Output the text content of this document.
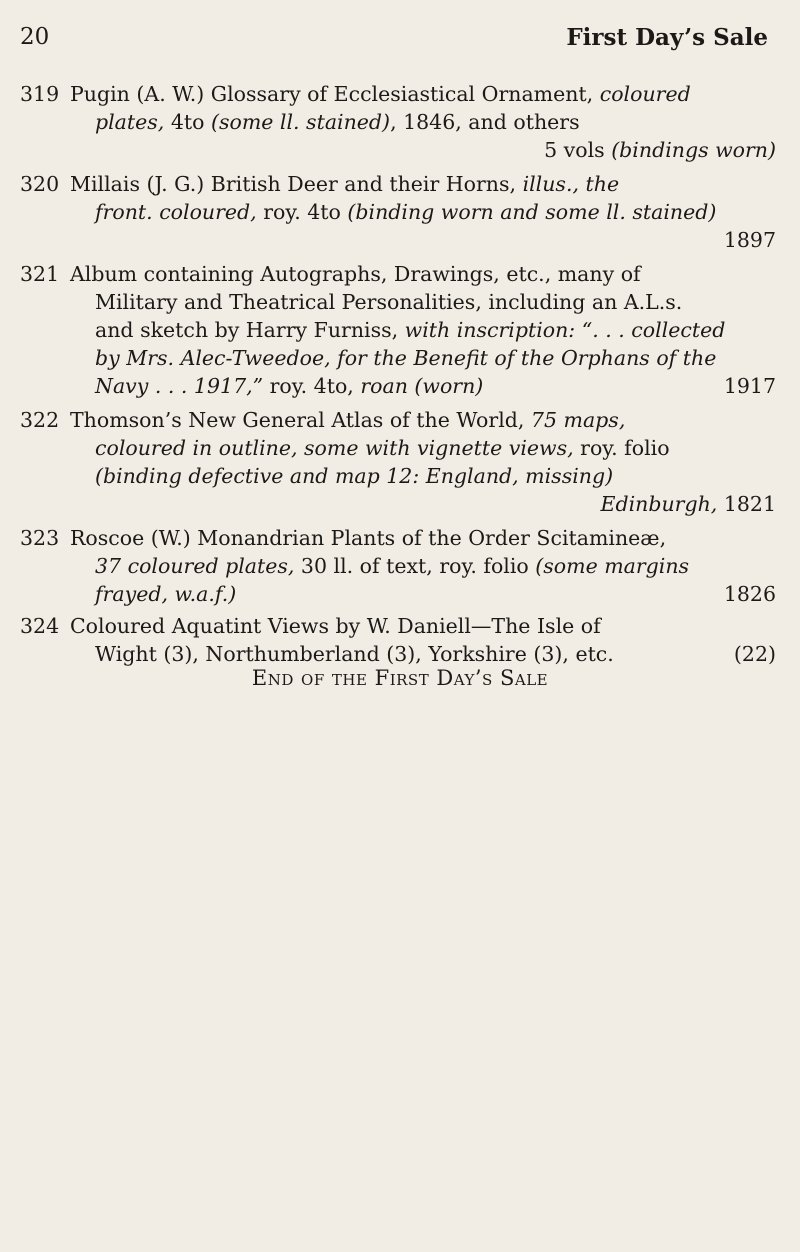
20	First Day’s Sale
319 Pugin (A. W.) Glossary of Ecclesiastical Ornament, coloured
plates, 4to (some ll. stained), 1846, and others
5 vols (bindings worn)
320 Millais (J. G.) British Deer and their Horns, illus., the
front. coloured, roy. 4to (binding worn and some ll. stained)
1897
321 Album containing Autographs, Drawings, etc., many of
Military and Theatrical Personalities, including an A.L.s.
and sketch by Harry Furniss, with inscription: “. . . collected
by Mrs. Alec-Tweedoe, for the Benefit of the Orphans of the
Navy . . . 1917,” roy. 4to, roan (worn)	1917
322 Thomson’s New General Atlas of the World, 75 maps,
coloured in outline, some with vignette views, roy. folio
(binding defective and map 12: England, missing)
Edinburgh, 1821
323 Roscoe (W.) Monandrian Plants of the Order Scitamineæ,
37 coloured plates, 30 ll. of text, roy. folio (some margins
frayed, w.a.f.)	1826
324 Coloured Aquatint Views by W. Daniell—The Isle of
Wight (3), Northumberland (3), Yorkshire (3), etc.	(22)
End of the First Day’s Sale
